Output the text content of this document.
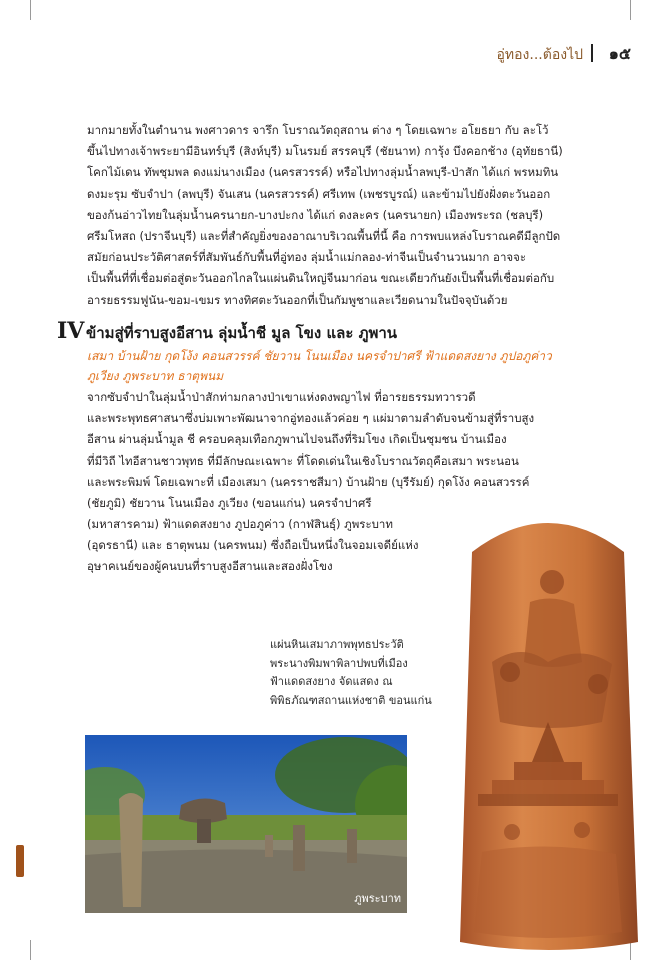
อู่ทอง...ต้องไป ๑๕
มากมายทั้งในตำนาน พงศาวดาร จารึก โบราณวัตถุสถาน ต่าง ๆ โดยเฉพาะ อโยธยา กับ ละโว้
ขึ้นไปทางเจ้าพระยามีอินทร์บุรี (สิงห์บุรี) มโนรมย์ สรรคบุรี (ชัยนาท) การุ้ง บึงคอกช้าง (อุทัยธานี)
โคกไม้เดน ทัพชุมพล ดงแม่นางเมือง (นครสวรรค์) หรือไปทางลุ่มน้ำลพบุรี-ป่าสัก ได้แก่ พรหมทิน
ดงมะรุม ซับจำปา (ลพบุรี) จันเสน (นครสวรรค์) ศรีเทพ (เพชรบูรณ์) และข้ามไปยังฝั่งตะวันออก
ของก้นอ่าวไทยในลุ่มน้ำนครนายก-บางปะกง ได้แก่ ดงละคร (นครนายก) เมืองพระรถ (ชลบุรี)
ศรีมโหสถ (ปราจีนบุรี) และที่สำคัญยิ่งของอาณาบริเวณพื้นที่นี้ คือ การพบแหล่งโบราณคดีมีลูกปัด
สมัยก่อนประวัติศาสตร์ที่สัมพันธ์กับพื้นที่อู่ทอง ลุ่มน้ำแม่กลอง-ท่าจีนเป็นจำนวนมาก อาจจะ
เป็นพื้นที่ที่เชื่อมต่อสู่ตะวันออกไกลในแผ่นดินใหญ่จีนมาก่อน ขณะเดียวกันยังเป็นพื้นที่เชื่อมต่อกับ
อารยธรรมฟูนัน-ขอม-เขมร ทางทิศตะวันออกที่เป็นกัมพูชาและเวียดนามในปัจจุบันด้วย
IV ข้ามสู่ที่ราบสูงอีสาน ลุ่มน้ำชี มูล โขง และ ภูพาน
เสมา บ้านฝ้าย กุดโง้ง คอนสวรรค์ ชัยวาน โนนเมือง นครจำปาศรี ฟ้าแดดสงยาง ภูปอภูค่าว
ภูเวียง ภูพระบาท ธาตุพนม
จากซับจำปาในลุ่มน้ำป่าสักท่ามกลางป่าเขาแห่งดงพญาไฟ ที่อารยธรรมทวารวดี
และพระพุทธศาสนาซึ่งบ่มเพาะพัฒนาจากอู่ทองแล้วค่อย ๆ แผ่มาตามลำดับจนข้ามสู่ที่ราบสูง
อีสาน ผ่านลุ่มน้ำมูล ชี ครอบคลุมเทือกภูพานไปจนถึงที่ริมโขง เกิดเป็นชุมชน บ้านเมือง
ที่มีวิถี ไทอีสานชาวพุทธ ที่มีลักษณะเฉพาะ ที่โดดเด่นในเชิงโบราณวัตถุคือเสมา พระนอน
และพระพิมพ์ โดยเฉพาะที่ เมืองเสมา (นครราชสีมา) บ้านฝ้าย (บุรีรัมย์) กุดโง้ง คอนสวรรค์
(ชัยภูมิ) ชัยวาน โนนเมือง ภูเวียง (ขอนแก่น) นครจำปาศรี
(มหาสารคาม) ฟ้าแดดสงยาง ภูปอภูค่าว (กาฬสินธุ์) ภูพระบาท
(อุดรธานี) และ ธาตุพนม (นครพนม) ซึ่งถือเป็นหนึ่งในจอมเจดีย์แห่ง
อุษาคเนย์ของผู้คนบนที่ราบสูงอีสานและสองฝั่งโขง
แผ่นหินเสมาภาพพุทธประวัติ
พระนางพิมพาพิลาปพบที่เมือง
ฟ้าแดดสงยาง จัดแสดง ณ
พิพิธภัณฑสถานแห่งชาติ ขอนแก่น
ภูพระบาท
